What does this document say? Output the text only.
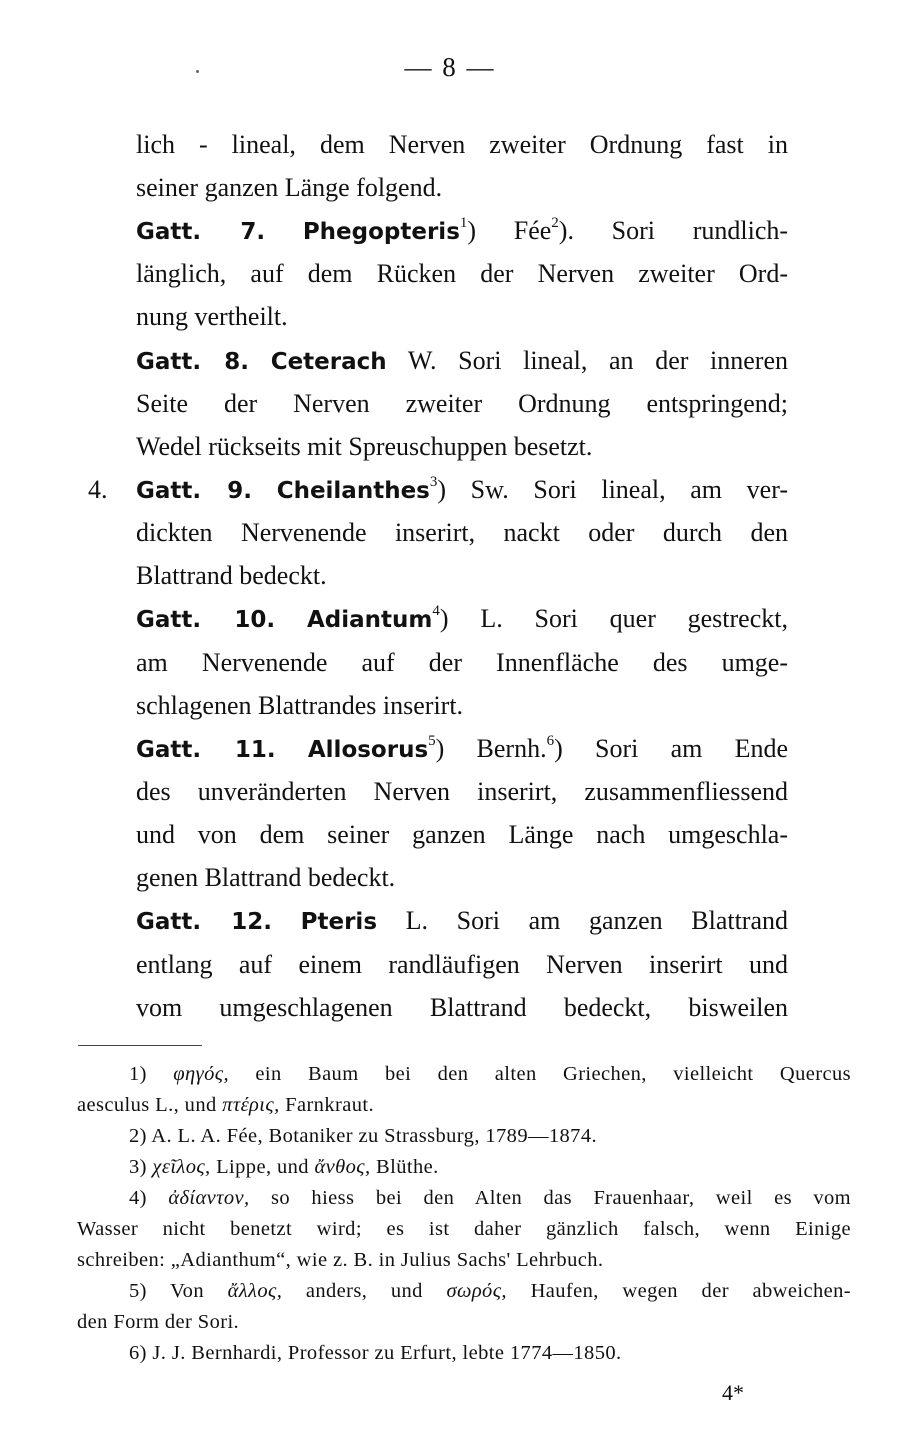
— 8 —
lich - lineal, dem Nerven zweiter Ordnung fast in
seiner ganzen Länge folgend.
Gatt. 7. Phegopteris$^1$) Fée$^2$). Sori rundlich-
länglich, auf dem Rücken der Nerven zweiter Ord-
nung vertheilt.
Gatt. 8. Ceterach W. Sori lineal, an der inneren
Seite der Nerven zweiter Ordnung entspringend;
Wedel rückseits mit Spreuschuppen besetzt.
Gatt. 9. Cheilanthes$^3$) Sw. Sori lineal, am ver-
dickten Nervenende inserirt, nackt oder durch den
Blattrand bedeckt.
Gatt. 10. Adiantum$^4$) L. Sori quer gestreckt,
am Nervenende auf der Innenfläche des umge-
schlagenen Blattrandes inserirt.
Gatt. 11. Allosorus$^5$) Bernh.$^6$) Sori am Ende
des unveränderten Nerven inserirt, zusammenfliessend
und von dem seiner ganzen Länge nach umgeschla-
genen Blattrand bedeckt.
Gatt. 12. Pteris L. Sori am ganzen Blattrand
entlang auf einem randläufigen Nerven inserirt und
vom umgeschlagenen Blattrand bedeckt, bisweilen
4.
1) φηγός, ein Baum bei den alten Griechen, vielleicht Quercus
aesculus L., und πτέρις, Farnkraut.
2) A. L. A. Fée, Botaniker zu Strassburg, 1789—1874.
3) χεῖλος, Lippe, und ἄνθος, Blüthe.
4) ἀδίαντον, so hiess bei den Alten das Frauenhaar, weil es vom
Wasser nicht benetzt wird; es ist daher gänzlich falsch, wenn Einige
schreiben: „Adianthum“, wie z. B. in Julius Sachs' Lehrbuch.
5) Von ἄλλος, anders, und σωρός, Haufen, wegen der abweichen-
den Form der Sori.
6) J. J. Bernhardi, Professor zu Erfurt, lebte 1774—1850.
4*
